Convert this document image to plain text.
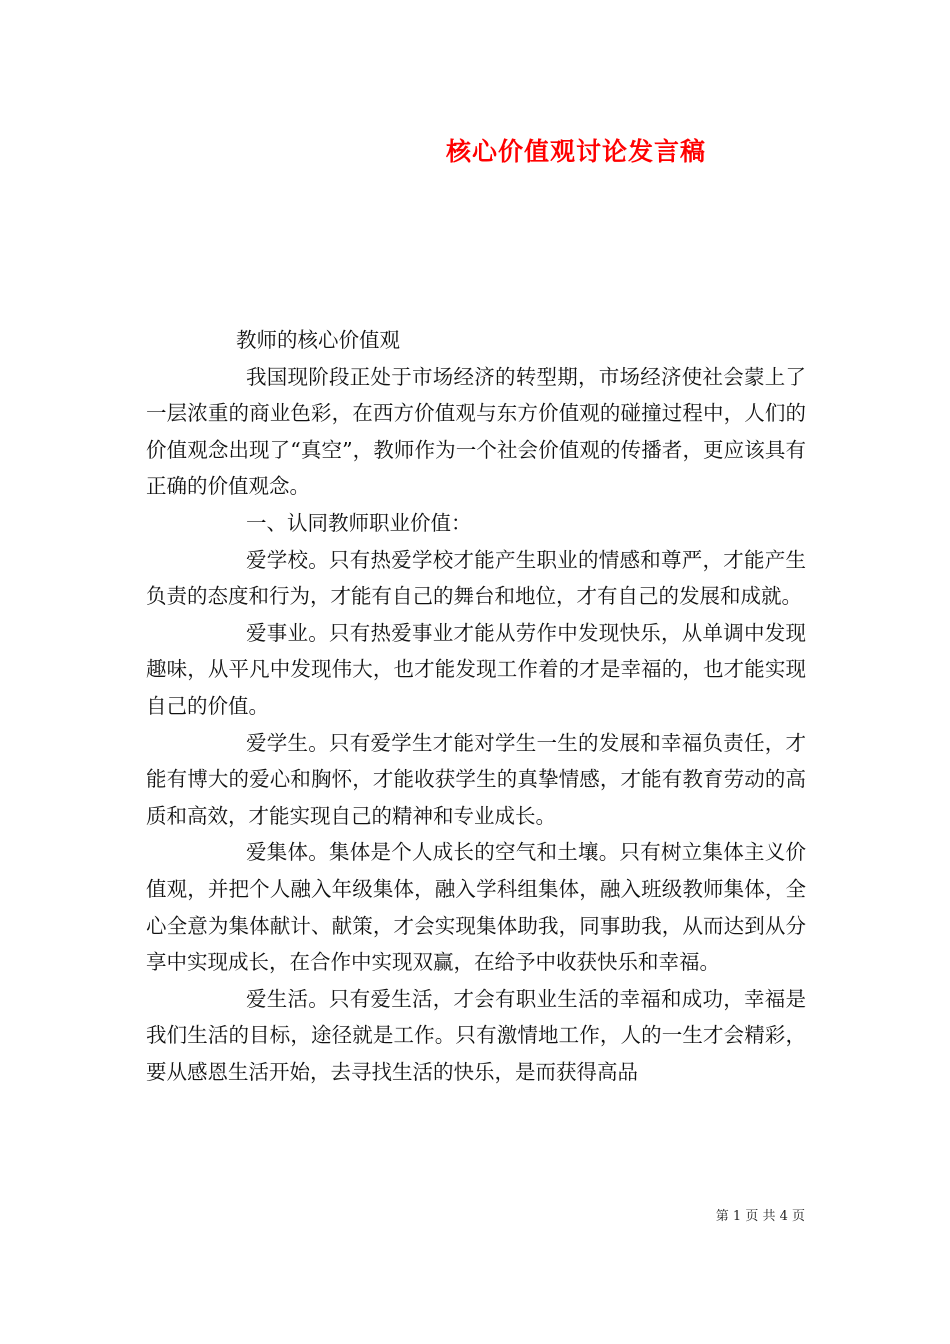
核心价值观讨论发言稿

教师的核心价值观

我国现阶段正处于市场经济的转型期，市场经济使社会蒙上了一层浓重的商业色彩，在西方价值观与东方价值观的碰撞过程中，人们的价值观念出现了“真空”，教师作为一个社会价值观的传播者，更应该具有正确的价值观念。

一、认同教师职业价值：

爱学校。只有热爱学校才能产生职业的情感和尊严，才能产生负责的态度和行为，才能有自己的舞台和地位，才有自己的发展和成就。

爱事业。只有热爱事业才能从劳作中发现快乐，从单调中发现趣味，从平凡中发现伟大，也才能发现工作着的才是幸福的，也才能实现自己的价值。

爱学生。只有爱学生才能对学生一生的发展和幸福负责任，才能有博大的爱心和胸怀，才能收获学生的真挚情感，才能有教育劳动的高质和高效，才能实现自己的精神和专业成长。

爱集体。集体是个人成长的空气和土壤。只有树立集体主义价值观，并把个人融入年级集体，融入学科组集体，融入班级教师集体，全心全意为集体献计、献策，才会实现集体助我，同事助我，从而达到从分享中实现成长，在合作中实现双赢，在给予中收获快乐和幸福。

爱生活。只有爱生活，才会有职业生活的幸福和成功，幸福是我们生活的目标，途径就是工作。只有激情地工作，人的一生才会精彩，要从感恩生活开始，去寻找生活的快乐，是而获得高品

第 1 页 共 4 页
